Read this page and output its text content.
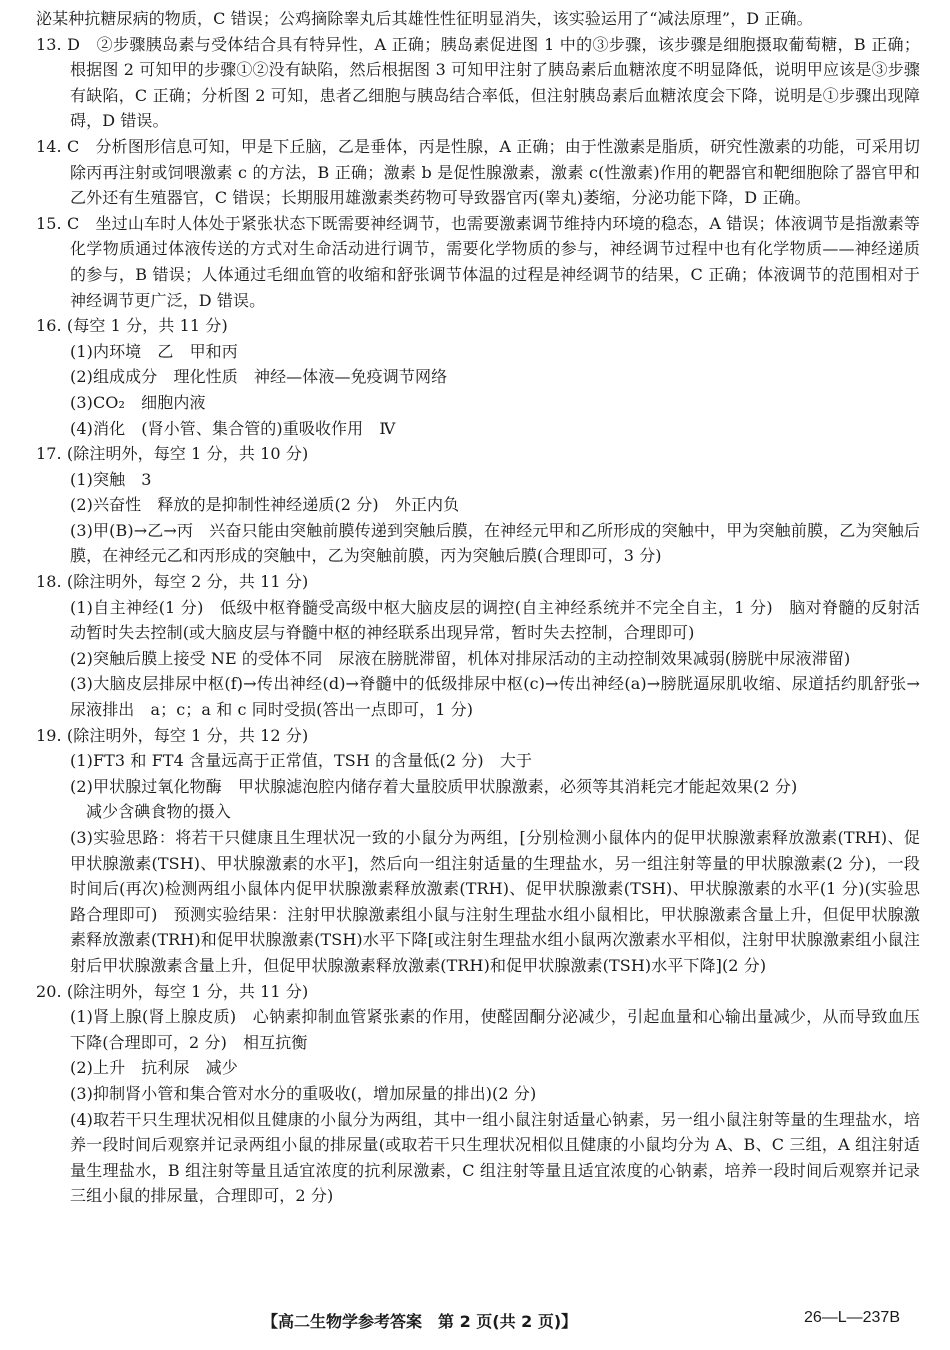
泌某种抗糖尿病的物质，C 错误；公鸡摘除睾丸后其雄性性征明显消失，该实验运用了“减法原理”，D 正确。

13. D　②步骤胰岛素与受体结合具有特异性，A 正确；胰岛素促进图 1 中的③步骤，该步骤是细胞摄取葡萄糖，B 正确；根据图 2 可知甲的步骤①②没有缺陷，然后根据图 3 可知甲注射了胰岛素后血糖浓度不明显降低，说明甲应该是③步骤有缺陷，C 正确；分析图 2 可知，患者乙细胞与胰岛结合率低，但注射胰岛素后血糖浓度会下降，说明是①步骤出现障碍，D 错误。

14. C　分析图形信息可知，甲是下丘脑，乙是垂体，丙是性腺，A 正确；由于性激素是脂质，研究性激素的功能，可采用切除丙再注射或饲喂激素 c 的方法，B 正确；激素 b 是促性腺激素，激素 c(性激素)作用的靶器官和靶细胞除了器官甲和乙外还有生殖器官，C 错误；长期服用雄激素类药物可导致器官丙(睾丸)萎缩，分泌功能下降，D 正确。

15. C　坐过山车时人体处于紧张状态下既需要神经调节，也需要激素调节维持内环境的稳态，A 错误；体液调节是指激素等化学物质通过体液传送的方式对生命活动进行调节，需要化学物质的参与，神经调节过程中也有化学物质——神经递质的参与，B 错误；人体通过毛细血管的收缩和舒张调节体温的过程是神经调节的结果，C 正确；体液调节的范围相对于神经调节更广泛，D 错误。

16. (每空 1 分，共 11 分)

(1)内环境　乙　甲和丙

(2)组成成分　理化性质　神经—体液—免疫调节网络

(3)CO₂　细胞内液

(4)消化　(肾小管、集合管的)重吸收作用　Ⅳ

17. (除注明外，每空 1 分，共 10 分)

(1)突触　3

(2)兴奋性　释放的是抑制性神经递质(2 分)　外正内负

(3)甲(B)→乙→丙　兴奋只能由突触前膜传递到突触后膜，在神经元甲和乙所形成的突触中，甲为突触前膜，乙为突触后膜，在神经元乙和丙形成的突触中，乙为突触前膜，丙为突触后膜(合理即可，3 分)

18. (除注明外，每空 2 分，共 11 分)

(1)自主神经(1 分)　低级中枢脊髓受高级中枢大脑皮层的调控(自主神经系统并不完全自主，1 分)　脑对脊髓的反射活动暂时失去控制(或大脑皮层与脊髓中枢的神经联系出现异常，暂时失去控制，合理即可)

(2)突触后膜上接受 NE 的受体不同　尿液在膀胱滞留，机体对排尿活动的主动控制效果减弱(膀胱中尿液滞留)

(3)大脑皮层排尿中枢(f)→传出神经(d)→脊髓中的低级排尿中枢(c)→传出神经(a)→膀胱逼尿肌收缩、尿道括约肌舒张→尿液排出　a；c；a 和 c 同时受损(答出一点即可，1 分)

19. (除注明外，每空 1 分，共 12 分)

(1)FT3 和 FT4 含量远高于正常值，TSH 的含量低(2 分)　大于

(2)甲状腺过氧化物酶　甲状腺滤泡腔内储存着大量胶质甲状腺激素，必须等其消耗完才能起效果(2 分)

减少含碘食物的摄入

(3)实验思路：将若干只健康且生理状况一致的小鼠分为两组，[分别检测小鼠体内的促甲状腺激素释放激素(TRH)、促甲状腺激素(TSH)、甲状腺激素的水平]，然后向一组注射适量的生理盐水，另一组注射等量的甲状腺激素(2 分)，一段时间后(再次)检测两组小鼠体内促甲状腺激素释放激素(TRH)、促甲状腺激素(TSH)、甲状腺激素的水平(1 分)(实验思路合理即可)　预测实验结果：注射甲状腺激素组小鼠与注射生理盐水组小鼠相比，甲状腺激素含量上升，但促甲状腺激素释放激素(TRH)和促甲状腺激素(TSH)水平下降[或注射生理盐水组小鼠两次激素水平相似，注射甲状腺激素组小鼠注射后甲状腺激素含量上升，但促甲状腺激素释放激素(TRH)和促甲状腺激素(TSH)水平下降](2 分)

20. (除注明外，每空 1 分，共 11 分)

(1)肾上腺(肾上腺皮质)　心钠素抑制血管紧张素的作用，使醛固酮分泌减少，引起血量和心输出量减少，从而导致血压下降(合理即可，2 分)　相互抗衡

(2)上升　抗利尿　减少

(3)抑制肾小管和集合管对水分的重吸收(，增加尿量的排出)(2 分)

(4)取若干只生理状况相似且健康的小鼠分为两组，其中一组小鼠注射适量心钠素，另一组小鼠注射等量的生理盐水，培养一段时间后观察并记录两组小鼠的排尿量(或取若干只生理状况相似且健康的小鼠均分为 A、B、C 三组，A 组注射适量生理盐水，B 组注射等量且适宜浓度的抗利尿激素，C 组注射等量且适宜浓度的心钠素，培养一段时间后观察并记录三组小鼠的排尿量，合理即可，2 分)

【高二生物学参考答案　第 2 页(共 2 页)】	26—L—237B
